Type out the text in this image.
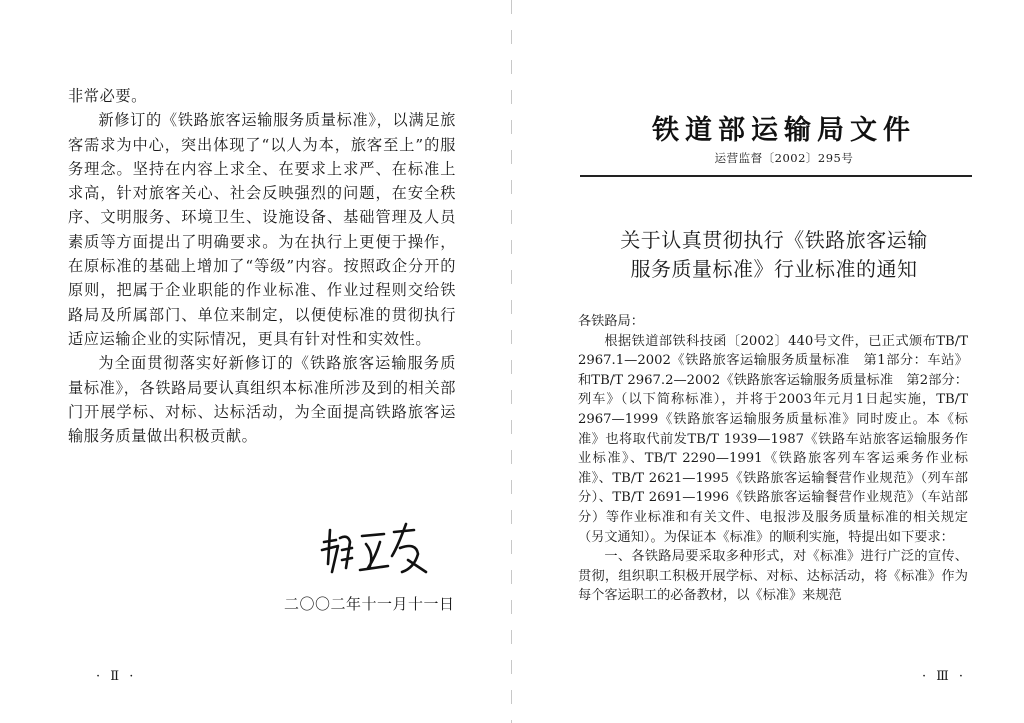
非常必要。

新修订的《铁路旅客运输服务质量标准》，以满足旅客需求为中心，突出体现了“以人为本，旅客至上”的服务理念。坚持在内容上求全、在要求上求严、在标准上求高，针对旅客关心、社会反映强烈的问题，在安全秩序、文明服务、环境卫生、设施设备、基础管理及人员素质等方面提出了明确要求。为在执行上更便于操作，在原标准的基础上增加了“等级”内容。按照政企分开的原则，把属于企业职能的作业标准、作业过程则交给铁路局及所属部门、单位来制定，以便使标准的贯彻执行适应运输企业的实际情况，更具有针对性和实效性。

为全面贯彻落实好新修订的《铁路旅客运输服务质量标准》，各铁路局要认真组织本标准所涉及到的相关部门开展学标、对标、达标活动，为全面提高铁路旅客运输服务质量做出积极贡献。

二〇〇二年十一月十一日
· Ⅱ ·
铁道部运输局文件
运营监督〔2002〕295号
关于认真贯彻执行《铁路旅客运输
服务质量标准》行业标准的通知

各铁路局：

根据铁道部铁科技函〔2002〕440号文件，已正式颁布TB/T 2967.1—2002《铁路旅客运输服务质量标准　第1部分：车站》和TB/T 2967.2—2002《铁路旅客运输服务质量标准　第2部分：列车》（以下简称标准），并将于2003年元月1日起实施，TB/T 2967—1999《铁路旅客运输服务质量标准》同时废止。本《标准》也将取代前发TB/T 1939—1987《铁路车站旅客运输服务作业标准》、TB/T 2290—1991《铁路旅客列车客运乘务作业标准》、TB/T 2621—1995《铁路旅客运输餐营作业规范》（列车部分）、TB/T 2691—1996《铁路旅客运输餐营作业规范》（车站部分）等作业标准和有关文件、电报涉及服务质量标准的相关规定（另文通知）。为保证本《标准》的顺利实施，特提出如下要求：

一、各铁路局要采取多种形式，对《标准》进行广泛的宣传、贯彻，组织职工积极开展学标、对标、达标活动，将《标准》作为每个客运职工的必备教材，以《标准》来规范

· Ⅲ ·
